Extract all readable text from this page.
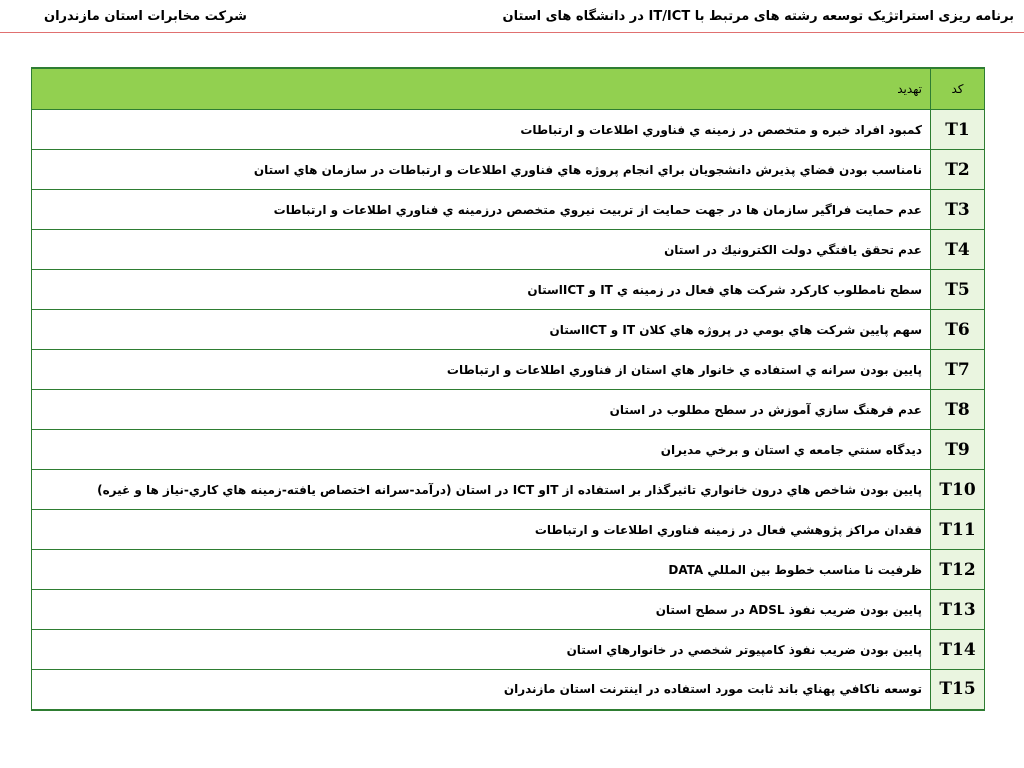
برنامه ریزی استراتژیک توسعه رشته های مرتبط با IT/ICT در دانشگاه های استان
شرکت مخابرات استان مازندران
کد	تهدید
T1	كمبود افراد خبره و متخصص در زمينه ي فناوري اطلاعات و ارتباطات
T2	نامناسب بودن فضاي پذيرش دانشجويان براي انجام پروژه هاي فناوري اطلاعات و ارتباطات در سازمان هاي استان
T3	عدم حمايت فراگير سازمان ها در جهت حمايت از تربيت نيروي متخصص درزمينه ي فناوري اطلاعات و ارتباطات
T4	عدم تحقق يافتگي دولت الكترونيك در استان
T5	سطح نامطلوب كاركرد شركت هاي فعال در زمينه ي IT و ICTاستان
T6	سهم پايين شركت هاي بومي در پروژه هاي كلان IT و ICTاستان
T7	پايين بودن سرانه ي استفاده ي خانوار هاي استان از فناوري اطلاعات و ارتباطات
T8	عدم فرهنگ سازي آموزش در سطح مطلوب در استان
T9	ديدگاه سنتي جامعه ي استان و برخي مديران
T10	پايين بودن شاخص هاي درون خانواري تاثيرگذار بر استفاده از ITو ICT در استان (درآمد-سرانه اختصاص يافته-زمينه هاي كاري-نياز ها و غيره)
T11	فقدان مراكز پژوهشي فعال در زمينه فناوري اطلاعات و ارتباطات
T12	ظرفيت نا مناسب خطوط بين المللي DATA
T13	پايين بودن ضريب نفوذ ADSL در سطح استان
T14	پايين بودن ضريب نفوذ كامپيوتر شخصي در خانوارهاي استان
T15	توسعه ناكافي پهناي باند ثابت مورد استفاده در اينترنت استان مازندران
